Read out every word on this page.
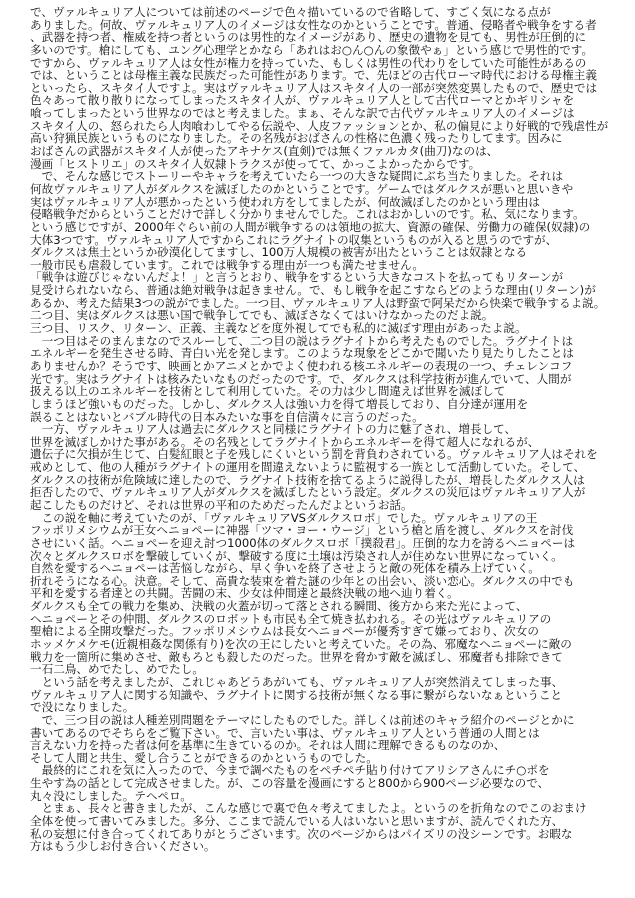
で、ヴァルキュリア人については前述のページで色々描いているので省略して、すごく気になる点が
ありました。何故、ヴァルキュリア人のイメージは女性なのかということです。普通、侵略者や戦争をする者
、武器を持つ者、権威を持つ者というのは男性的なイメージがあり、歴史の遺物を見ても、男性が圧倒的に
多いのです。槍にしても、ユング心理学とかなら「あれはお○ん○んの象徴やぁ」という感じで男性的です。
ですから、ヴァルキュリア人は女性が権力を持っていた、もしくは男性の代わりをしていた可能性があるの
では、ということは母権主義な民族だった可能性があります。で、先ほどの古代ローマ時代における母権主義
といったら、スキタイ人ですよ。実はヴァルキュリア人はスキタイ人の一部が突然変異したもので、歴史では
色々あって散り散りになってしまったスキタイ人が、ヴァルキュリア人として古代ローマとかギリシャを
喰ってしまったという世界なのではと考えました。まぁ、そんな訳で古代ヴァルキュリア人のイメージは
スキタイ人の、怒られたら人肉喰わしてやる伝説や、人皮ファッションとか、私の偏見により好戦的で残虐性が
高い狩猟民族というものになりました。その名残がおばさんの性格に色濃く残ったりしてます。因みに
おばさんの武器がスキタイ人が使ったアキナケス(直剣)では無くファルカタ(曲刀)なのは、
漫画「ヒストリエ」のスキタイ人奴隷トラクスが使ってて、かっこよかったからです。
　で、そんな感じでストーリーやキャラを考えていたら一つの大きな疑問にぶち当たりました。それは
何故ヴァルキュリア人がダルクスを滅ぼしたのかということです。ゲームではダルクスが悪いと思いきや
実はヴァルキュリア人が悪かったという使われ方をしてましたが、何故滅ぼしたのかという理由は
侵略戦争だからということだけで詳しく分かりませんでした。これはおかしいのです。私、気になります。
という感じですが、2000年ぐらい前の人間が戦争するのは領地の拡大、資源の確保、労働力の確保(奴隷)の
大体3つです。ヴァルキュリア人ですからこれにラグナイトの収集というものが入ると思うのですが、
ダルクスは焦土というか砂漠化してますし、100万人規模の被害が出たということは奴隷となる
一般市民も虐殺しています。これでは戦争する理由が一つも満たせません。
「戦争は遊びじゃないんだよ！」と言うとおり、戦争をするという大きなコストを払ってもリターンが
見受けられないなら、普通は絶対戦争は起きません。で、もし戦争を起こすならどのような理由(リターン)が
あるか、考えた結果3つの説がでました。一つ目、ヴァルキュリア人は野蛮で阿呆だから快楽で戦争するよ説。
二つ目、実はダルクスは悪い国で戦争してでも、滅ぼさなくてはいけなかったのだよ説。
三つ目、リスク、リターン、正義、主義などを度外視してでも私的に滅ぼす理由があったよ説。
　一つ目はそのまんまなのでスルーして、二つ目の説はラグナイトから考えたものでした。ラグナイトは
エネルギーを発生させる時、青白い光を発します。このような現象をどこかで聞いたり見たりしたことは
ありませんか？そうです、映画とかアニメとかでよく使われる核エネルギーの表現の一つ、チェレンコフ
光です。実はラグナイトは核みたいなものだったのです。で、ダルクスは科学技術が進んでいて、人間が
扱える以上のエネルギーを技術として利用していた。その力は少し間違えば世界を滅ぼして
しまうほど強いものだった。しかし、ダルクス人は強い力を得て増長しており、自分達が運用を
誤ることはないとバブル時代の日本みたいな事を自信満々に言うのだった。
　一方、ヴァルキュリア人は過去にダルクスと同様にラグナイトの力に魅了され、増長して、
世界を滅ぼしかけた事がある。その名残としてラグナイトからエネルギーを得て超人になれるが、
遺伝子に欠損が生じて、白髪紅眼と子を残しにくいという罰を背負わされている。ヴァルキュリア人はそれを
戒めとして、他の人種がラグナイトの運用を間違えないように監視する一族として活動していた。そして、
ダルクスの技術が危険域に達したので、ラグナイト技術を捨てるように説得したが、増長したダルクス人は
拒否したので、ヴァルキュリア人がダルクスを滅ぼしたという設定。ダルクスの災厄はヴァルキュリア人が
起こしたものだけど、それは世界の平和のためだったんだよというお話。
　この説を軸に考えていたのが、「ヴァルキュリアVSダルクスロボ」でした。ヴァルキュリアの王
フッポリメシウムが王女ヘニョペーに神器「ツマ・ヨー・ウージ」という槍と盾を渡し、ダルクスを討伐
させにいく話。ヘニョペーを迎え討つ1000体のダルクスロボ「撲殺君」。圧倒的な力を誇るヘニョペーは
次々とダルクスロボを撃破していくが、撃破する度に土壌は汚染され人が住めない世界になっていく。
自然を愛するヘニョペーは苦悩しながら、早く争いを終了させようと敵の死体を積み上げていく。
折れそうになる心。決意。そして、高貴な装束を着た謎の少年との出会い、淡い恋心。ダルクスの中でも
平和を愛する者達との共闘。苦闘の末、少女は仲間達と最終決戦の地へ辿り着く。
ダルクスも全ての戦力を集め、決戦の火蓋が切って落とされる瞬間、後方から来た光によって、
ヘニョペーとその仲間、ダルクスのロボットも市民も全て焼き払われる。その光はヴァルキュリアの
聖槍による全開攻撃だった。フッポリメシウムは長女ヘニョペーが優秀すぎて嫌っており、次女の
ホッメケメケモ(近親相姦な関係有り)を次の王にしたいと考えていた。その為、邪魔なヘニョペーに敵の
戦力を一箇所に集めさせ、敵もろとも殺したのだった。世界を脅かす敵を滅ぼし、邪魔者も排除できて
一石二鳥、めでたし、めでたし。
　という話を考えましたが、これじゃあどうあがいても、ヴァルキュリア人が突然消えてしまった事、
ヴァルキュリア人に関する知識や、ラグナイトに関する技術が無くなる事に繋がらないなぁということ
で没になりました。
　で、三つ目の説は人種差別問題をテーマにしたものでした。詳しくは前述のキャラ紹介のページとかに
書いてあるのでそちらをご覧下さい。で、言いたい事は、ヴァルキュリア人という普通の人間とは
言えない力を持った者は何を基準に生きているのか。それは人間に理解できるものなのか、
そして人間と共生、愛し合うことができるのかというものでした。
　最終的にこれを気に入ったので、今まで調べたものをペチペチ貼り付けてアリシアさんにチ○ポを
生やす為の話として完成させました。が、この容量を漫画にすると800から900ページ必要なので、
丸々没にしました。テヘペロ。
　とまぁ、長々と書きましたが、こんな感じで裏で色々考えてましたよ。というのを折角なのでこのおまけ
全体を使って書いてみました。多分、ここまで読んでいる人はいないと思いますが、読んでくれた方、
私の妄想に付き合ってくれてありがとうございます。次のページからはパイズリの没シーンです。お暇な
方はもう少しお付き合いください。
